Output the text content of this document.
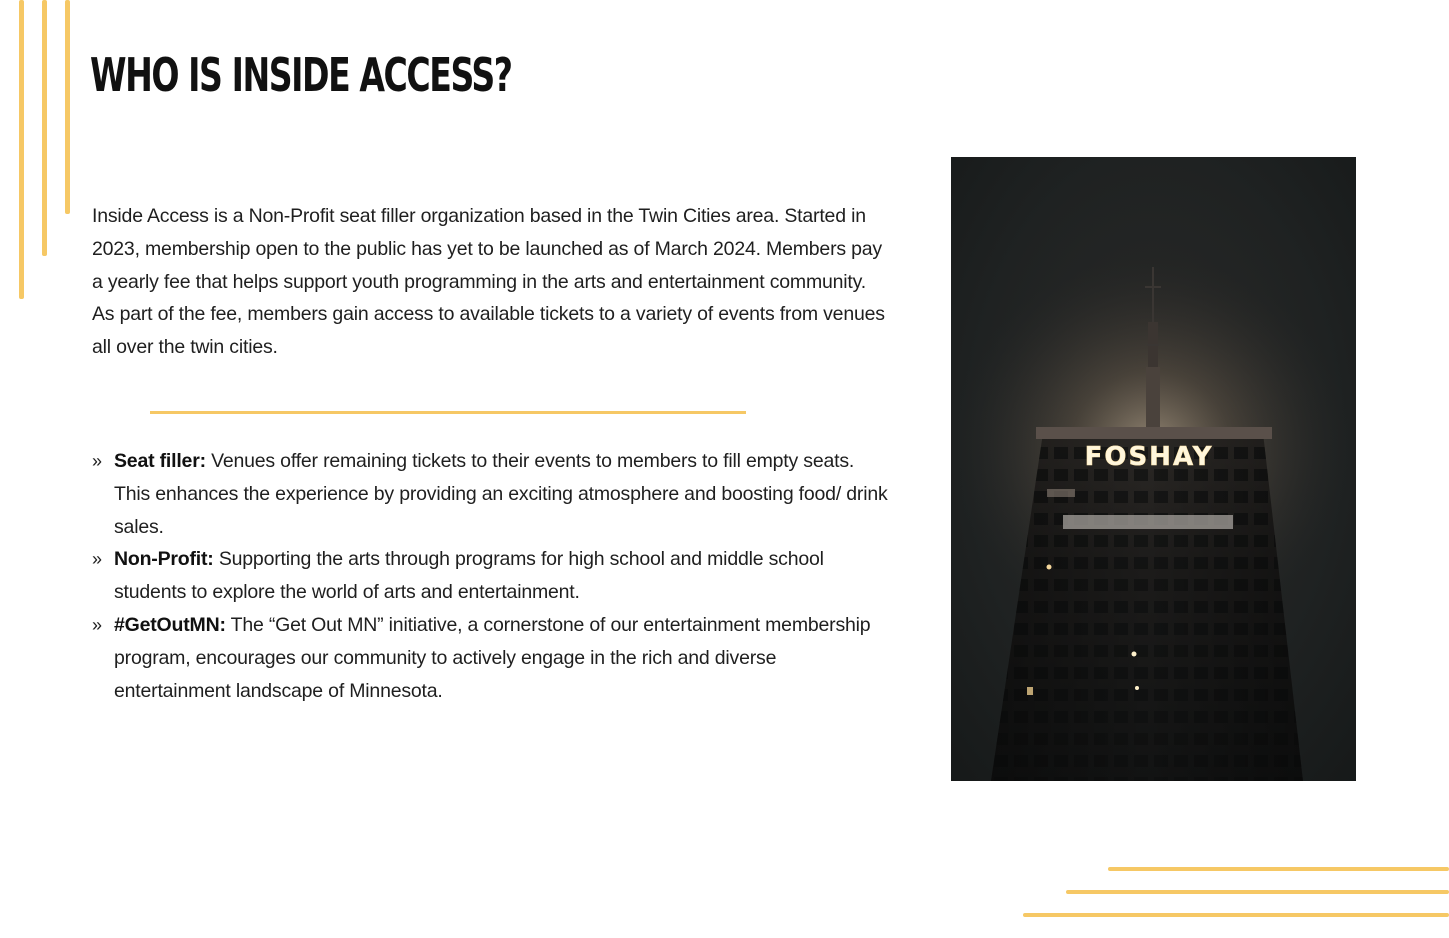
WHO IS INSIDE ACCESS?

Inside Access is a Non-Profit seat filler organization based in the Twin Cities area. Started in 2023, membership open to the public has yet to be launched as of March 2024. Members pay a yearly fee that helps support youth programming in the arts and entertainment community. As part of the fee, members gain access to available tickets to a variety of events from venues all over the twin cities.

» Seat filler: Venues offer remaining tickets to their events to members to fill empty seats. This enhances the experience by providing an exciting atmosphere and boosting food/ drink sales.
» Non-Profit: Supporting the arts through programs for high school and middle school students to explore the world of arts and entertainment.
» #GetOutMN: The “Get Out MN” initiative, a cornerstone of our entertainment membership program, encourages our community to actively engage in the rich and diverse entertainment landscape of Minnesota.
FOSHAY
